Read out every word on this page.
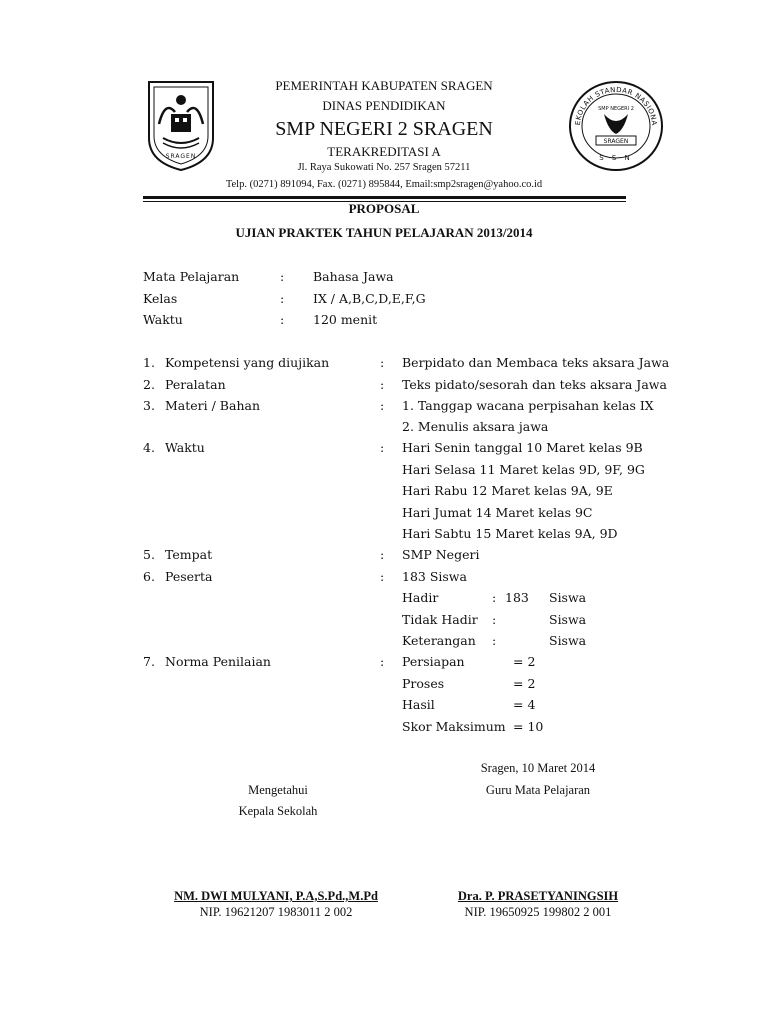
SRAGEN
EKOLAH STANDAR NASIONA
SMP NEGERI 2
SRAGEN
S S N
PEMERINTAH KABUPATEN SRAGEN
DINAS PENDIDIKAN
SMP NEGERI 2 SRAGEN
TERAKREDITASI A
Jl. Raya Sukowati No. 257 Sragen 57211
Telp. (0271) 891094, Fax. (0271) 895844, Email:smp2sragen@yahoo.co.id
PROPOSAL
UJIAN PRAKTEK TAHUN PELAJARAN 2013/2014
Mata Pelajaran	: Bahasa Jawa
Kelas	: IX / A,B,C,D,E,F,G
Waktu	: 120 menit
1. Kompetensi yang diujikan	: Berpidato dan Membaca teks aksara Jawa
2. Peralatan	: Teks pidato/sesorah dan teks aksara Jawa
3. Materi / Bahan	: 1. Tanggap wacana perpisahan kelas IX
2. Menulis aksara jawa
4. Waktu	: Hari Senin tanggal 10 Maret kelas 9B
Hari Selasa 11 Maret kelas 9D, 9F, 9G
Hari Rabu 12 Maret kelas 9A, 9E
Hari Jumat 14 Maret kelas 9C
Hari Sabtu 15 Maret kelas 9A, 9D
5. Tempat	: SMP Negeri
6. Peserta	: 183 Siswa
Hadir	: 183 Siswa
Tidak Hadir :	Siswa
Keterangan :	Siswa
7. Norma Penilaian	: Persiapan	= 2
Proses	= 2
Hasil	= 4
Skor Maksimum = 10
Sragen, 10 Maret 2014
Mengetahui	Guru Mata Pelajaran
Kepala Sekolah
NM. DWI MULYANI, P.A,S.Pd.,M.Pd
NIP. 19621207 1983011 2 002
Dra. P. PRASETYANINGSIH
NIP. 19650925 199802 2 001
